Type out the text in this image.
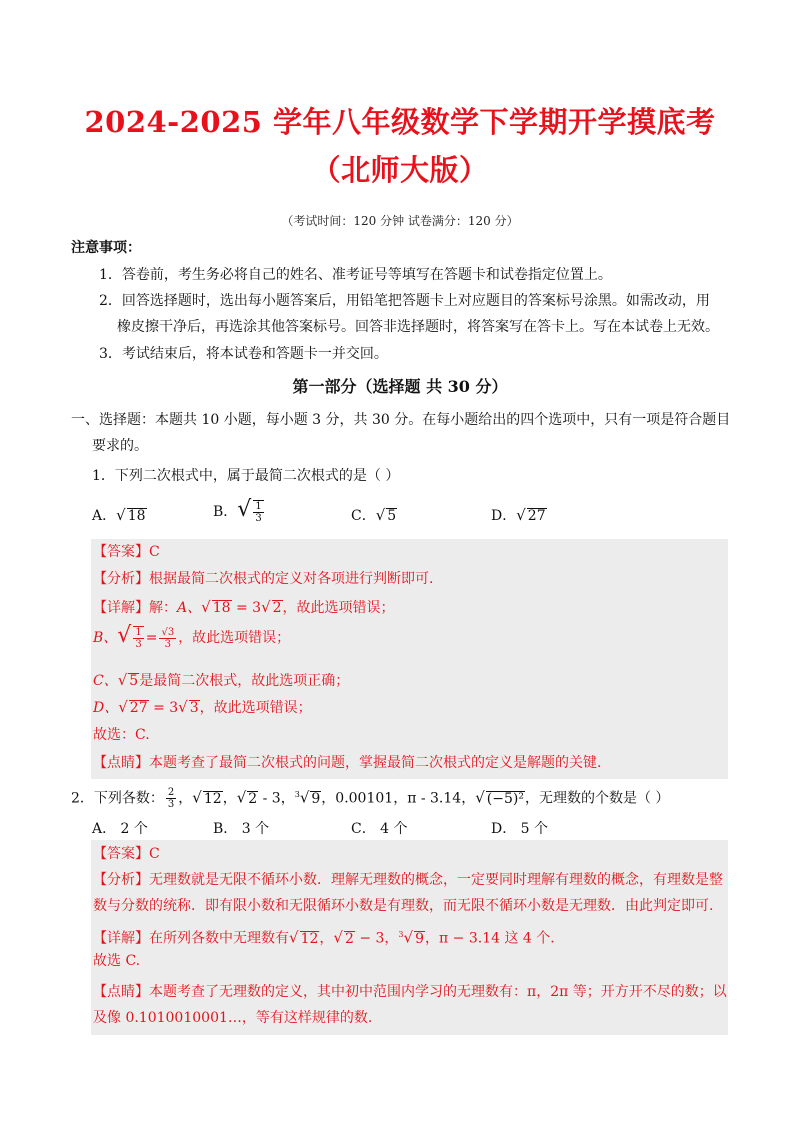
2024-2025 学年八年级数学下学期开学摸底考
（北师大版）
（考试时间：120 分钟 试卷满分：120 分）
注意事项：
1．答卷前，考生务必将自己的姓名、准考证号等填写在答题卡和试卷指定位置上。
2．回答选择题时，选出每小题答案后，用铅笔把答题卡上对应题目的答案标号涂黑。如需改动，用
橡皮擦干净后，再选涂其他答案标号。回答非选择题时，将答案写在答卡上。写在本试卷上无效。
3．考试结束后，将本试卷和答题卡一并交回。
第一部分（选择题 共 30 分）
一、选择题：本题共 10 小题，每小题 3 分，共 30 分。在每小题给出的四个选项中，只有一项是符合题目
要求的。
1．下列二次根式中，属于最简二次根式的是（ ）
A．√ 18	B．√ $\frac{1}{3}$	C．√ 5	D．√ 27
【答案】C
【分析】根据最简二次根式的定义对各项进行判断即可.
【详解】解：A、√ 18 = 3√ 2，故此选项错误；
B、√ $\frac{1}{3} = \frac{√3}{3}$ ，故此选项错误；
C、√ 5是最简二次根式，故此选项正确；
D、√ 27 = 3√ 3，故此选项错误；
故选：C.
【点睛】本题考查了最简二次根式的问题，掌握最简二次根式的定义是解题的关键.
2．下列各数： $\frac{2}{3}$ ，√ 12，√ 2 - 3，$^3$√ 9，0.00101，π - 3.14，√ (−5)²，无理数的个数是（ ）
A． 2 个	B． 3 个	C． 4 个	D． 5 个
【答案】C
【分析】无理数就是无限不循环小数．理解无理数的概念，一定要同时理解有理数的概念，有理数是整
数与分数的统称．即有限小数和无限循环小数是有理数，而无限不循环小数是无理数．由此判定即可.
【详解】在所列各数中无理数有√ 12，√ 2 − 3，$^3$√ 9，π − 3.14 这 4 个.
故选 C.
【点睛】本题考查了无理数的定义，其中初中范围内学习的无理数有：π，2π 等；开方开不尽的数；以
及像 0.1010010001…，等有这样规律的数.
